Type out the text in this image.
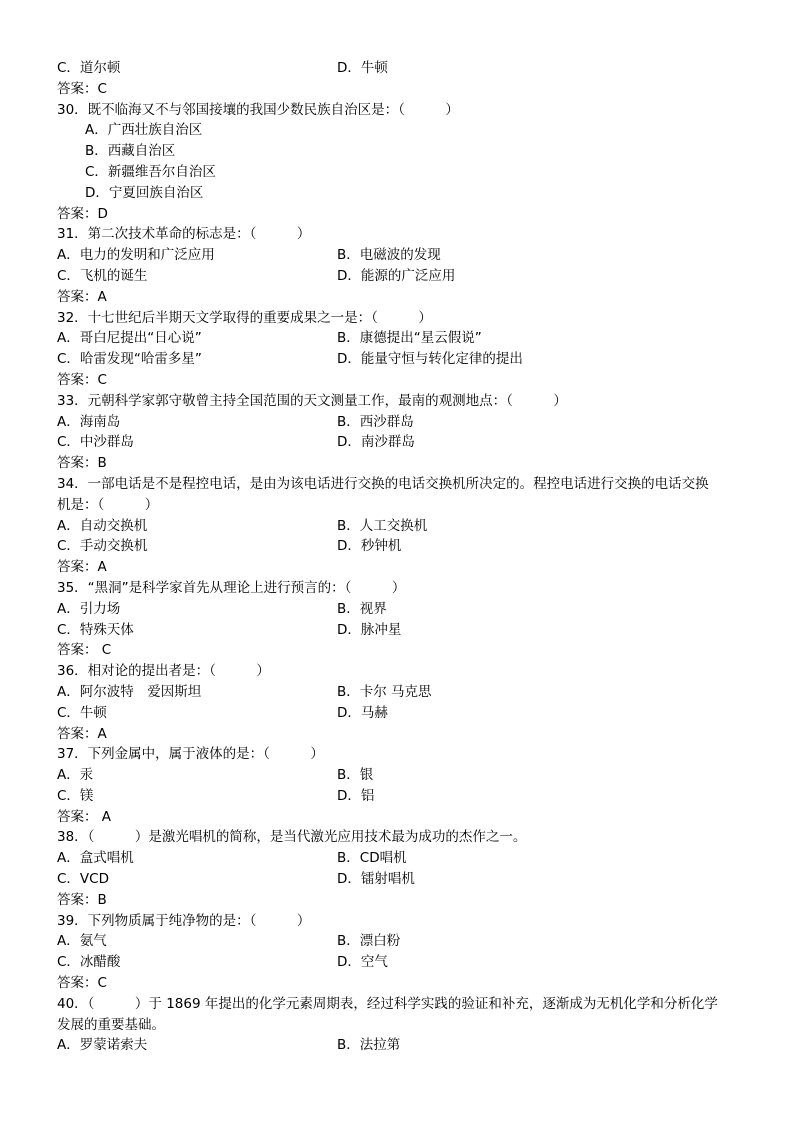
C．道尔顿	D．牛顿
答案：C
30．既不临海又不与邻国接壤的我国少数民族自治区是：（　　　）
A．广西壮族自治区
B．西藏自治区
C．新疆维吾尔自治区
D．宁夏回族自治区
答案：D
31．第二次技术革命的标志是：（　　　）
A．电力的发明和广泛应用	B．电磁波的发现
C．飞机的诞生	D．能源的广泛应用
答案：A
32．十七世纪后半期天文学取得的重要成果之一是：（　　　）
A．哥白尼提出“日心说”	B．康德提出“星云假说”
C．哈雷发现“哈雷多星”	D．能量守恒与转化定律的提出
答案：C
33．元朝科学家郭守敬曾主持全国范围的天文测量工作，最南的观测地点：（　　　）
A．海南岛	B．西沙群岛
C．中沙群岛	D．南沙群岛
答案：B
34．一部电话是不是程控电话，是由为该电话进行交换的电话交换机所决定的。程控电话进行交换的电话交换
机是：（　　　）
A．自动交换机	B．人工交换机
C．手动交换机	D．秒钟机
答案：A
35．“黑洞”是科学家首先从理论上进行预言的：（　　　）
A．引力场	B．视界
C．特殊天体	D．脉冲星
答案： C
36．相对论的提出者是：（　　　）
A．阿尔波特　爱因斯坦	B．卡尔 马克思
C．牛顿	D．马赫
答案：A
37．下列金属中，属于液体的是：（　　　）
A．汞	B．银
C．镁	D．铝
答案： A
38．（　　　）是激光唱机的简称，是当代激光应用技术最为成功的杰作之一。
A．盒式唱机	B．CD唱机
C．VCD	D．镭射唱机
答案：B
39．下列物质属于纯净物的是：（　　　）
A．氨气	B．漂白粉
C．冰醋酸	D．空气
答案：C
40．（　　　）于 1869 年提出的化学元素周期表，经过科学实践的验证和补充，逐渐成为无机化学和分析化学
发展的重要基础。
A．罗蒙诺索夫	B．法拉第
